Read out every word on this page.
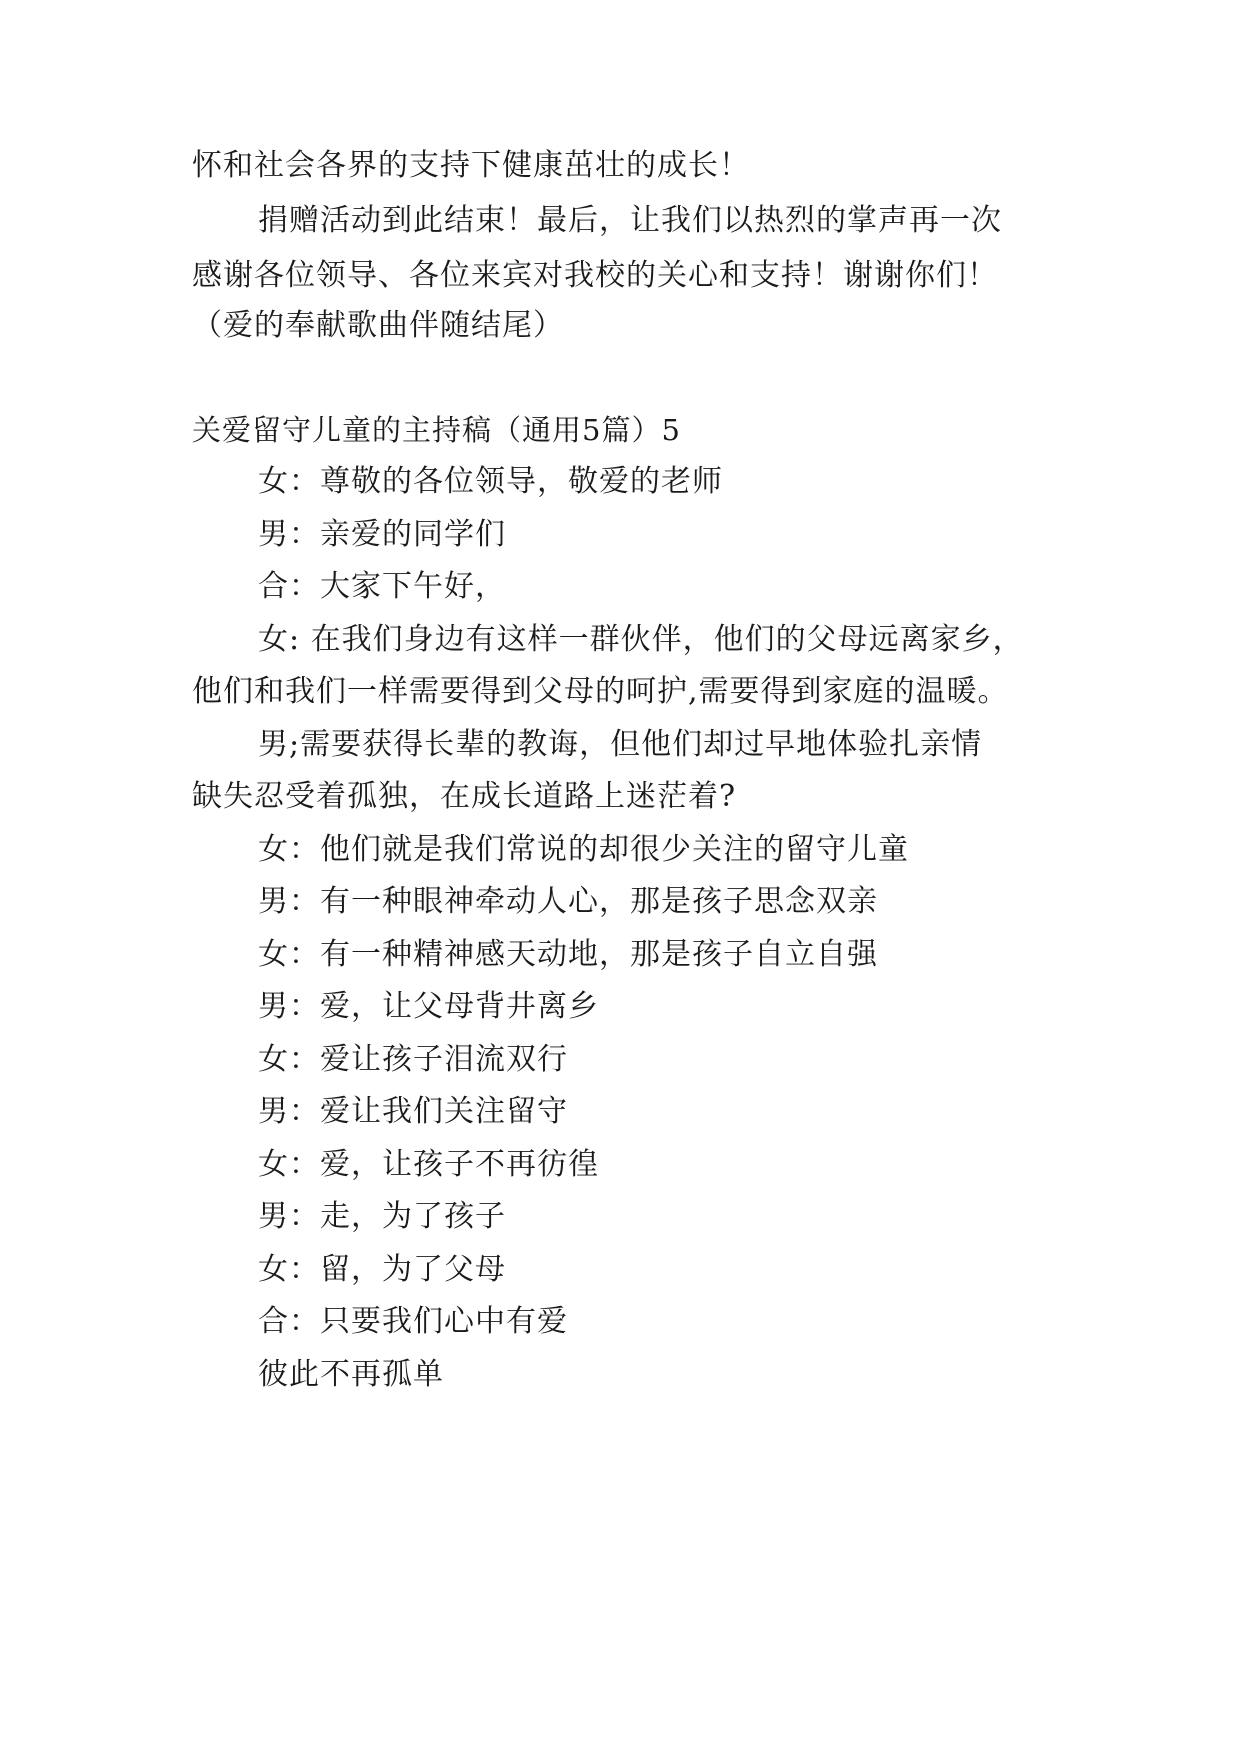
怀和社会各界的支持下健康茁壮的成长！
捐赠活动到此结束！最后，让我们以热烈的掌声再一次
感谢各位领导、各位来宾对我校的关心和支持！谢谢你们！
（爱的奉献歌曲伴随结尾）
关爱留守儿童的主持稿（通用5篇）5
女：尊敬的各位领导，敬爱的老师
男：亲爱的同学们
合：大家下午好，
女: 在我们身边有这样一群伙伴，他们的父母远离家乡，
他们和我们一样需要得到父母的呵护,需要得到家庭的温暖。
男;需要获得长辈的教诲，但他们却过早地体验扎亲情
缺失忍受着孤独，在成长道路上迷茫着?
女：他们就是我们常说的却很少关注的留守儿童
男：有一种眼神牵动人心，那是孩子思念双亲
女：有一种精神感天动地，那是孩子自立自强
男：爱，让父母背井离乡
女：爱让孩子泪流双行
男：爱让我们关注留守
女：爱，让孩子不再彷徨
男：走，为了孩子
女：留，为了父母
合：只要我们心中有爱
彼此不再孤单
